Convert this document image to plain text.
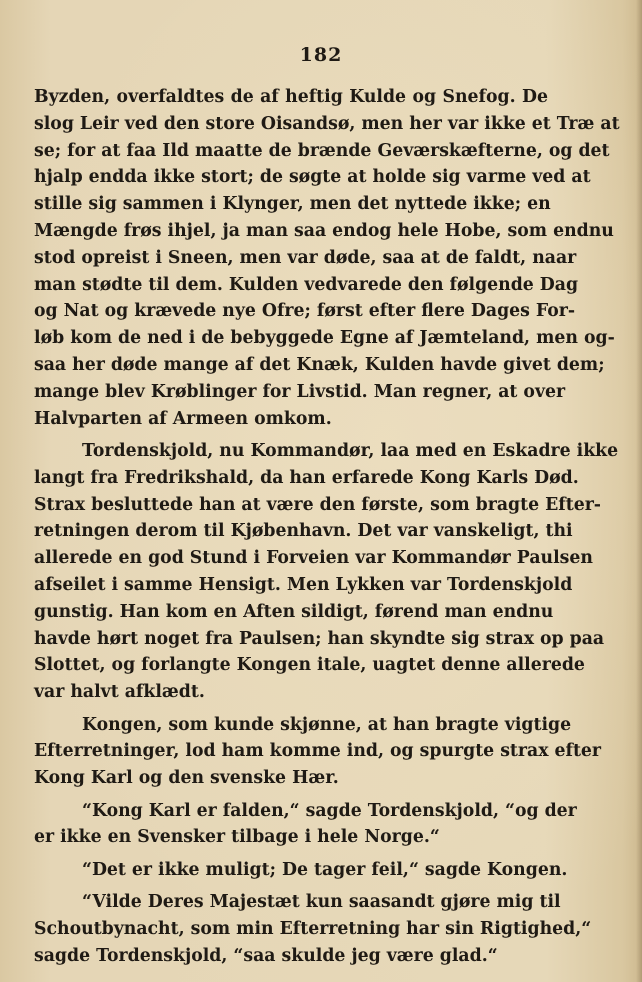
182

Byzden, overfaldtes de af heftig Kulde og Snefog. De
slog Leir ved den store Oisandsø, men her var ikke et Træ at
se; for at faa Ild maatte de brænde Geværskæfterne, og det
hjalp endda ikke stort; de søgte at holde sig varme ved at
stille sig sammen i Klynger, men det nyttede ikke; en
Mængde frøs ihjel, ja man saa endog hele Hobe, som endnu
stod opreist i Sneen, men var døde, saa at de faldt, naar
man stødte til dem. Kulden vedvarede den følgende Dag
og Nat og krævede nye Ofre; først efter flere Dages For-
løb kom de ned i de bebyggede Egne af Jæmteland, men og-
saa her døde mange af det Knæk, Kulden havde givet dem;
mange blev Krøblinger for Livstid. Man regner, at over
Halvparten af Armeen omkom.
Tordenskjold, nu Kommandør, laa med en Eskadre ikke
langt fra Fredrikshald, da han erfarede Kong Karls Død.
Strax besluttede han at være den første, som bragte Efter-
retningen derom til Kjøbenhavn. Det var vanskeligt, thi
allerede en god Stund i Forveien var Kommandør Paulsen
afseilet i samme Hensigt. Men Lykken var Tordenskjold
gunstig. Han kom en Aften sildigt, førend man endnu
havde hørt noget fra Paulsen; han skyndte sig strax op paa
Slottet, og forlangte Kongen itale, uagtet denne allerede
var halvt afklædt.
Kongen, som kunde skjønne, at han bragte vigtige
Efterretninger, lod ham komme ind, og spurgte strax efter
Kong Karl og den svenske Hær.
“Kong Karl er falden,“ sagde Tordenskjold, “og der
er ikke en Svensker tilbage i hele Norge.“
“Det er ikke muligt; De tager feil,“ sagde Kongen.
“Vilde Deres Majestæt kun saasandt gjøre mig til
Schoutbynacht, som min Efterretning har sin Rigtighed,“
sagde Tordenskjold, “saa skulde jeg være glad.“
